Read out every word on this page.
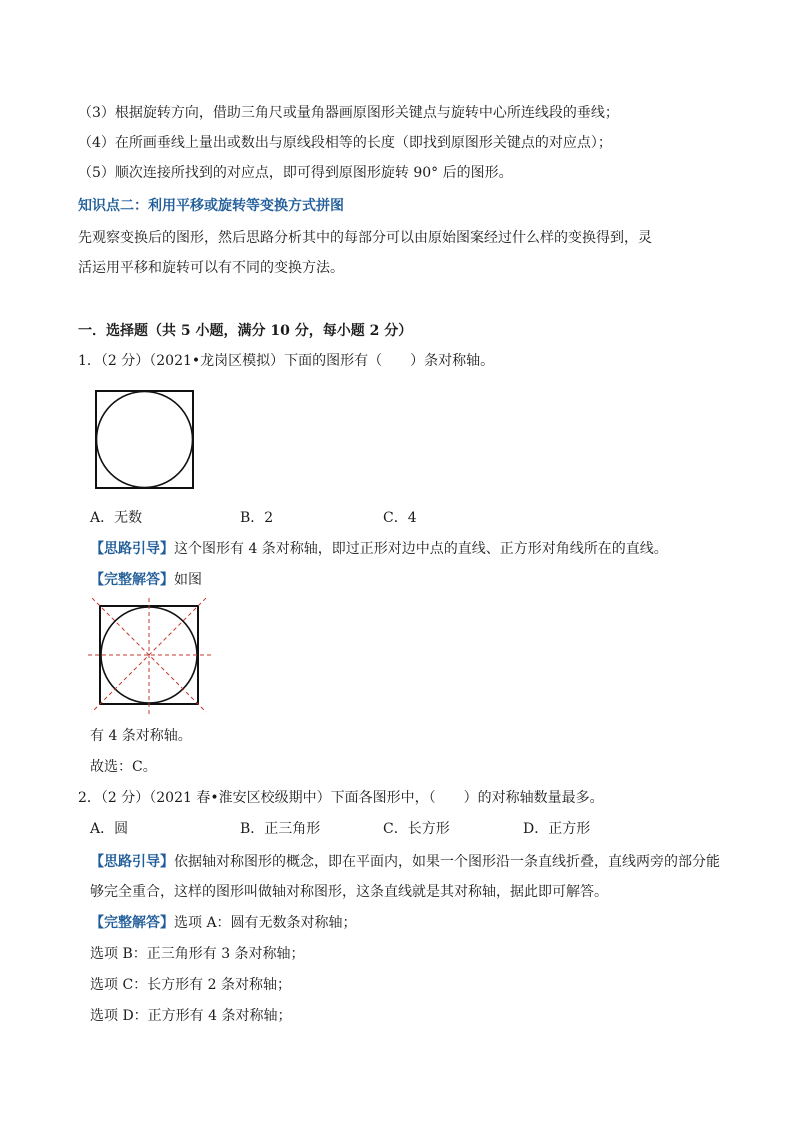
（3）根据旋转方向，借助三角尺或量角器画原图形关键点与旋转中心所连线段的垂线；
（4）在所画垂线上量出或数出与原线段相等的长度（即找到原图形关键点的对应点）；
（5）顺次连接所找到的对应点，即可得到原图形旋转 90° 后的图形。
知识点二：利用平移或旋转等变换方式拼图
先观察变换后的图形，然后思路分析其中的每部分可以由原始图案经过什么样的变换得到，灵
活运用平移和旋转可以有不同的变换方法。
一．选择题（共 5 小题，满分 10 分，每小题 2 分）
1．（2 分）（2021•龙岗区模拟）下面的图形有（　　）条对称轴。
A．无数	B．2	C．4
【思路引导】这个图形有 4 条对称轴，即过正形对边中点的直线、正方形对角线所在的直线。
【完整解答】如图
有 4 条对称轴。
故选：C。
2．（2 分）（2021 春•淮安区校级期中）下面各图形中，（　　）的对称轴数量最多。
A．圆	B．正三角形	C．长方形	D．正方形
【思路引导】依据轴对称图形的概念，即在平面内，如果一个图形沿一条直线折叠，直线两旁的部分能
够完全重合，这样的图形叫做轴对称图形，这条直线就是其对称轴，据此即可解答。
【完整解答】选项 A：圆有无数条对称轴；
选项 B：正三角形有 3 条对称轴；
选项 C：长方形有 2 条对称轴；
选项 D：正方形有 4 条对称轴；
